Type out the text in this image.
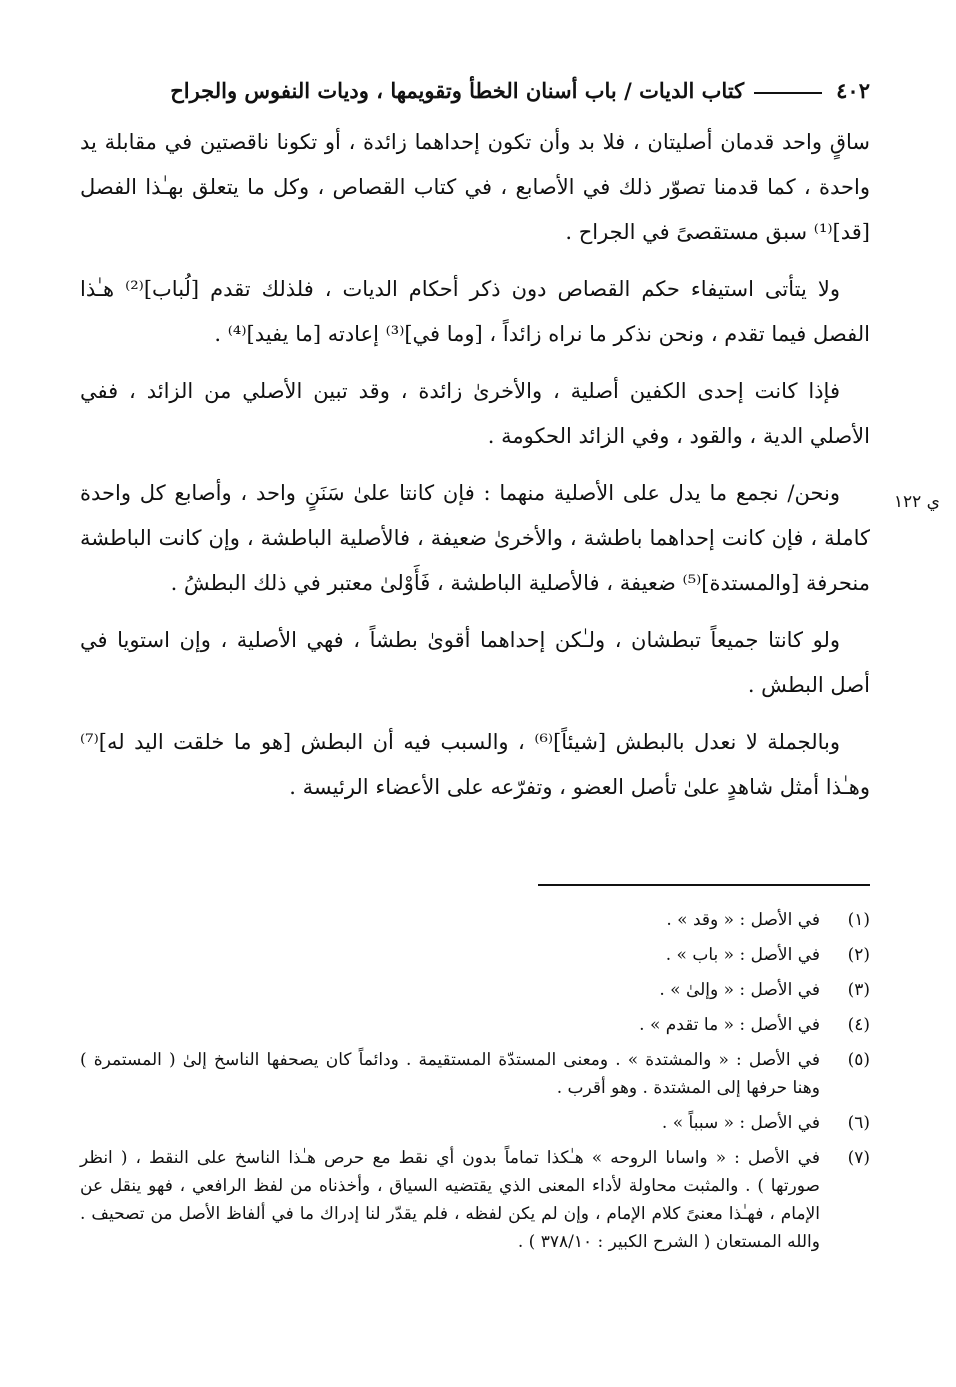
٤٠٢
كتاب الديات / باب أسنان الخطأ وتقويمها ، وديات النفوس والجراح
ي ١٢٢

ساقٍ واحد قدمان أصليتان ، فلا بد وأن تكون إحداهما زائدة ، أو تكونا ناقصتين في مقابلة يد واحدة ، كما قدمنا تصوّر ذلك في الأصابع ، في كتاب القصاص ، وكل ما يتعلق بهـٰذا الفصل [قد]⁽¹⁾ سبق مستقصىً في الجراح .

ولا يتأتى استيفاء حكم القصاص دون ذكر أحكام الديات ، فلذلك تقدم [لُباب]⁽²⁾ هـٰذا الفصل فيما تقدم ، ونحن نذكر ما نراه زائداً ، [وما في]⁽³⁾ إعادته [ما يفيد]⁽⁴⁾ .

فإذا كانت إحدى الكفين أصلية ، والأخرىٰ زائدة ، وقد تبين الأصلي من الزائد ، ففي الأصلي الدية ، والقود ، وفي الزائد الحكومة .

ونحن/ نجمع ما يدل على الأصلية منهما : فإن كانتا علىٰ سَنَنٍ واحد ، وأصابع كل واحدة كاملة ، فإن كانت إحداهما باطشة ، والأخرىٰ ضعيفة ، فالأصلية الباطشة ، وإن كانت الباطشة منحرفة [والمستدة]⁽⁵⁾ ضعيفة ، فالأصلية الباطشة ، فَأَوْلىٰ معتبر في ذلك البطشُ .

ولو كانتا جميعاً تبطشان ، ولـٰكن إحداهما أقوىٰ بطشاً ، فهي الأصلية ، وإن استويا في أصل البطش .

وبالجملة لا نعدل بالبطش [شيئاً]⁽⁶⁾ ، والسبب فيه أن البطش [هو ما خلقت اليد له]⁽⁷⁾ وهـٰذا أمثل شاهدٍ علىٰ تأصل العضو ، وتفرّعه على الأعضاء الرئيسة .

(١)
في الأصل : « وقد » .
(٢)
في الأصل : « باب » .
(٣)
في الأصل : « وإلىٰ » .
(٤)
في الأصل : « ما تقدم » .
(٥)
في الأصل : « والمشتدة » . ومعنى المستدّة المستقيمة . ودائماً كان يصحفها الناسخ إلىٰ ( المستمرة ) وهنا حرفها إلى المشتدة . وهو أقرب .
(٦)
في الأصل : « سبباً » .
(٧)
في الأصل : « واساںا الروحه » هـٰكذا تماماً بدون أي نقط مع حرص هـٰذا الناسخ على النقط ، ( انظر صورتها ) . والمثبت محاولة لأداء المعنى الذي يقتضيه السياق ، وأخذناه من لفظ الرافعي ، فهو ينقل عن الإمام ، فهـٰذا معنىً كلام الإمام ، وإن لم يكن لفظه ، فلم يقدّر لنا إدراك ما في ألفاظ الأصل من تصحيف . والله المستعان ( الشرح الكبير : ٣٧٨/١٠ ) .
